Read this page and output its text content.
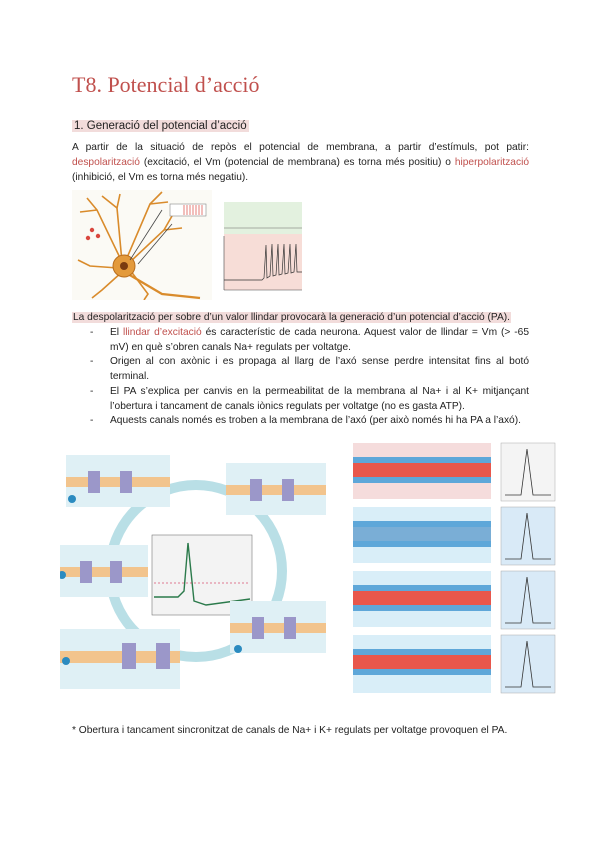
T8. Potencial d’acció
1. Generació del potencial d’acció

A partir de la situació de repòs el potencial de membrana, a partir d’estímuls, pot patir: despolarització (excitació, el Vm (potencial de membrana) es torna més positiu) o hiperpolarització (inhibició, el Vm es torna més negatiu).

La despolarització per sobre d’un valor llindar provocarà la generació d’un potencial d’acció (PA).

- El llindar d’excitació és característic de cada neurona. Aquest valor de llindar = Vm (> -65 mV) en què s’obren canals Na+ regulats per voltatge.
- Origen al con axònic i es propaga al llarg de l’axó sense perdre intensitat fins al botó terminal.
- El PA s’explica per canvis en la permeabilitat de la membrana al Na+ i al K+ mitjançant l’obertura i tancament de canals iònics regulats per voltatge (no es gasta ATP).
- Aquests canals només es troben a la membrana de l’axó (per això només hi ha PA a l’axó).

* Obertura i tancament sincronitzat de canals de Na+ i K+ regulats per voltatge provoquen el PA.
